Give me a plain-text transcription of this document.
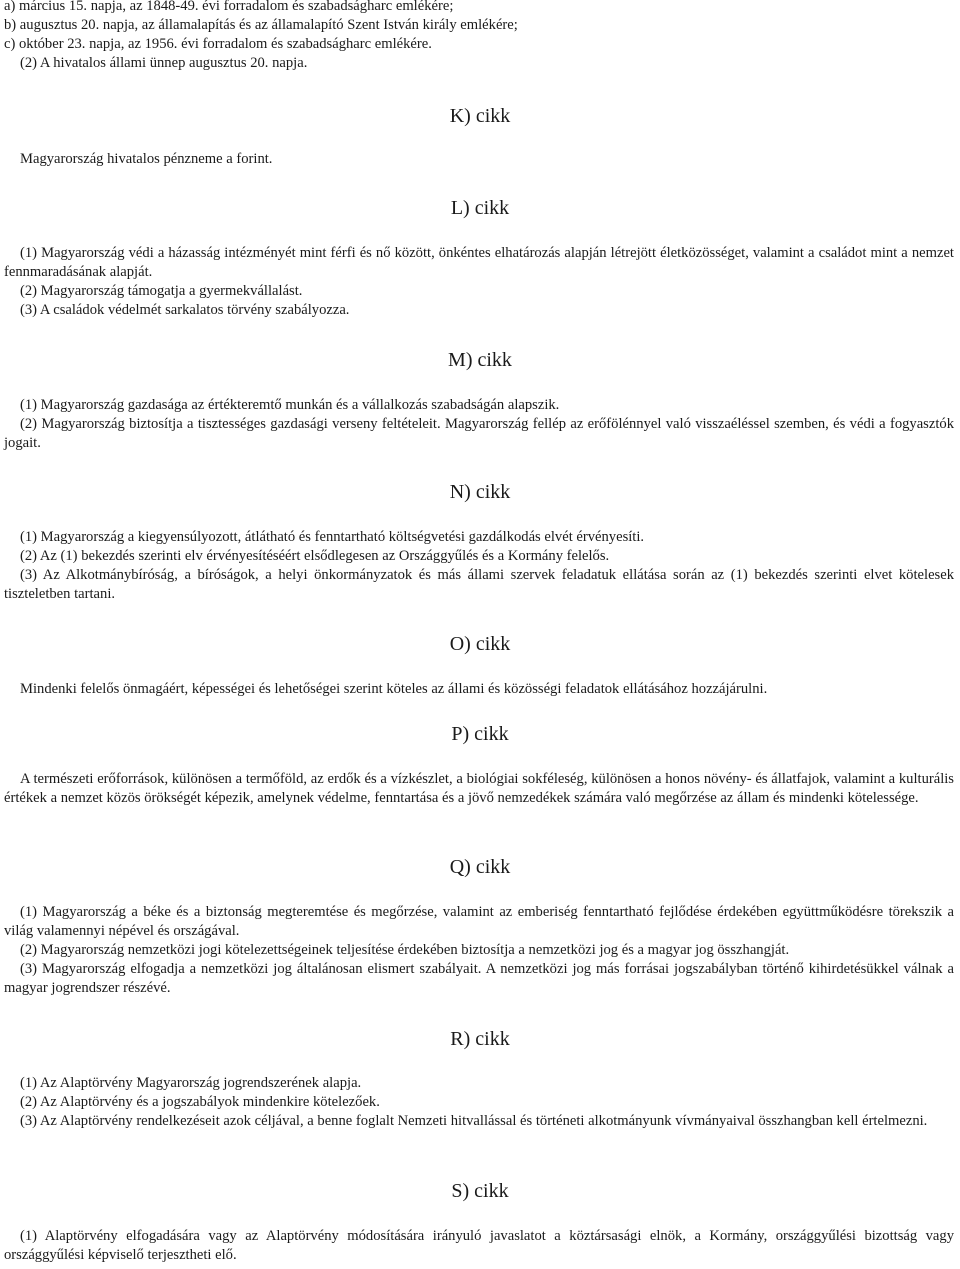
a) március 15. napja, az 1848-49. évi forradalom és szabadságharc emlékére;

b) augusztus 20. napja, az államalapítás és az államalapító Szent István király emlékére;

c) október 23. napja, az 1956. évi forradalom és szabadságharc emlékére.

(2) A hivatalos állami ünnep augusztus 20. napja.

K) cikk

Magyarország hivatalos pénzneme a forint.

L) cikk

(1) Magyarország védi a házasság intézményét mint férfi és nő között, önkéntes elhatározás alapján létrejött életközösséget, valamint a családot mint a nemzet fennmaradásának alapját.

(2) Magyarország támogatja a gyermekvállalást.

(3) A családok védelmét sarkalatos törvény szabályozza.

M) cikk

(1) Magyarország gazdasága az értékteremtő munkán és a vállalkozás szabadságán alapszik.

(2) Magyarország biztosítja a tisztességes gazdasági verseny feltételeit. Magyarország fellép az erőfölénnyel való visszaéléssel szemben, és védi a fogyasztók jogait.

N) cikk

(1) Magyarország a kiegyensúlyozott, átlátható és fenntartható költségvetési gazdálkodás elvét érvényesíti.

(2) Az (1) bekezdés szerinti elv érvényesítéséért elsődlegesen az Országgyűlés és a Kormány felelős.

(3) Az Alkotmánybíróság, a bíróságok, a helyi önkormányzatok és más állami szervek feladatuk ellátása során az (1) bekezdés szerinti elvet kötelesek tiszteletben tartani.

O) cikk

Mindenki felelős önmagáért, képességei és lehetőségei szerint köteles az állami és közösségi feladatok ellátásához hozzájárulni.

P) cikk

A természeti erőforrások, különösen a termőföld, az erdők és a vízkészlet, a biológiai sokféleség, különösen a honos növény- és állatfajok, valamint a kulturális értékek a nemzet közös örökségét képezik, amelynek védelme, fenntartása és a jövő nemzedékek számára való megőrzése az állam és mindenki kötelessége.

Q) cikk

(1) Magyarország a béke és a biztonság megteremtése és megőrzése, valamint az emberiség fenntartható fejlődése érdekében együttműködésre törekszik a világ valamennyi népével és országával.

(2) Magyarország nemzetközi jogi kötelezettségeinek teljesítése érdekében biztosítja a nemzetközi jog és a magyar jog összhangját.

(3) Magyarország elfogadja a nemzetközi jog általánosan elismert szabályait. A nemzetközi jog más forrásai jogszabályban történő kihirdetésükkel válnak a magyar jogrendszer részévé.

R) cikk

(1) Az Alaptörvény Magyarország jogrendszerének alapja.

(2) Az Alaptörvény és a jogszabályok mindenkire kötelezőek.

(3) Az Alaptörvény rendelkezéseit azok céljával, a benne foglalt Nemzeti hitvallással és történeti alkotmányunk vívmányaival összhangban kell értelmezni.

S) cikk

(1) Alaptörvény elfogadására vagy az Alaptörvény módosítására irányuló javaslatot a köztársasági elnök, a Kormány, országgyűlési bizottság vagy országgyűlési képviselő terjesztheti elő.
